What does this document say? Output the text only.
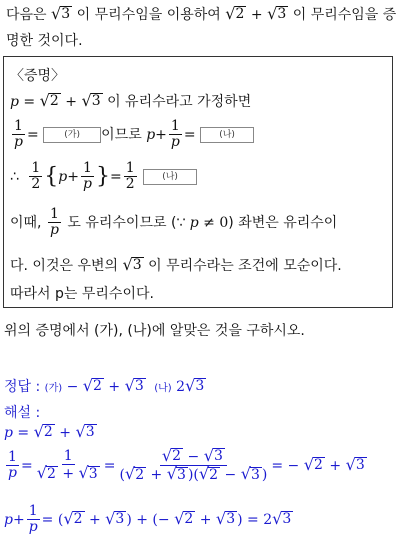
다음은 √ 3 이 무리수임을 이용하여 √ 2 + √ 3 이 무리수임을 증
명한 것이다.
〈증명〉
p = √ 2 + √ 3 이 유리수라고 가정하면
$\frac{1}{p}$ =	(가) 이므로 $p+ \frac{1}{p}$ =	(나)
∴ $\frac{1}{2} \{p+ \frac{1}{p}$ }= $\frac{1}{2}$	(나)
이때, $\frac{1}{p}$ 도 유리수이므로 (∵ p ≠ 0) 좌변은 유리수이
다. 이것은 우변의 √ 3 이 무리수라는 조건에 모순이다.
따라서 p는 무리수이다.
위의 증명에서 (가), (나)에 알맞은 것을 구하시오.
정답 : (가) − √ 2 + √ 3 (나) 2 √ 3
해설 :
p = √ 2 + √ 3
$\frac{1}{p} = \frac{1}{√ 2 + √ 3} = \frac{√ 2 - √ 3}{( √ 2 + √ 3 )( √ 2 - √ 3 )}$ = − √ 2 + √ 3
$p+ \frac{1}{p}$ = ( √ 2 + √ 3 ) + (− √ 2 + √ 3 ) = 2 √ 3
